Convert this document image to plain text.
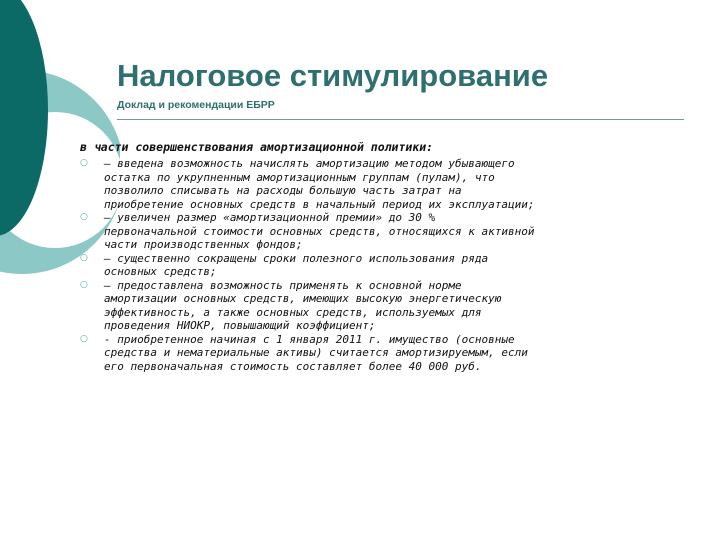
Налоговое стимулирование
Доклад и рекомендации ЕБРР
в части совершенствования амортизационной политики:
○	– введена возможность начислять амортизацию методом убывающего
остатка по укрупненным амортизационным группам (пулам), что
позволило списывать на расходы большую часть затрат на
приобретение основных средств в начальный период их эксплуатации;
○	– увеличен размер «амортизационной премии» до 30 %
первоначальной стоимости основных средств, относящихся к активной
части производственных фондов;
○	– существенно сокращены сроки полезного использования ряда
основных средств;
○	– предоставлена возможность применять к основной норме
амортизации основных средств, имеющих высокую энергетическую
эффективность, а также основных средств, используемых для
проведения НИОКР, повышающий коэффициент;
○	- приобретенное начиная с 1 января 2011 г. имущество (основные
средства и нематериальные активы) считается амортизируемым, если
его первоначальная стоимость составляет более 40 000 руб.
